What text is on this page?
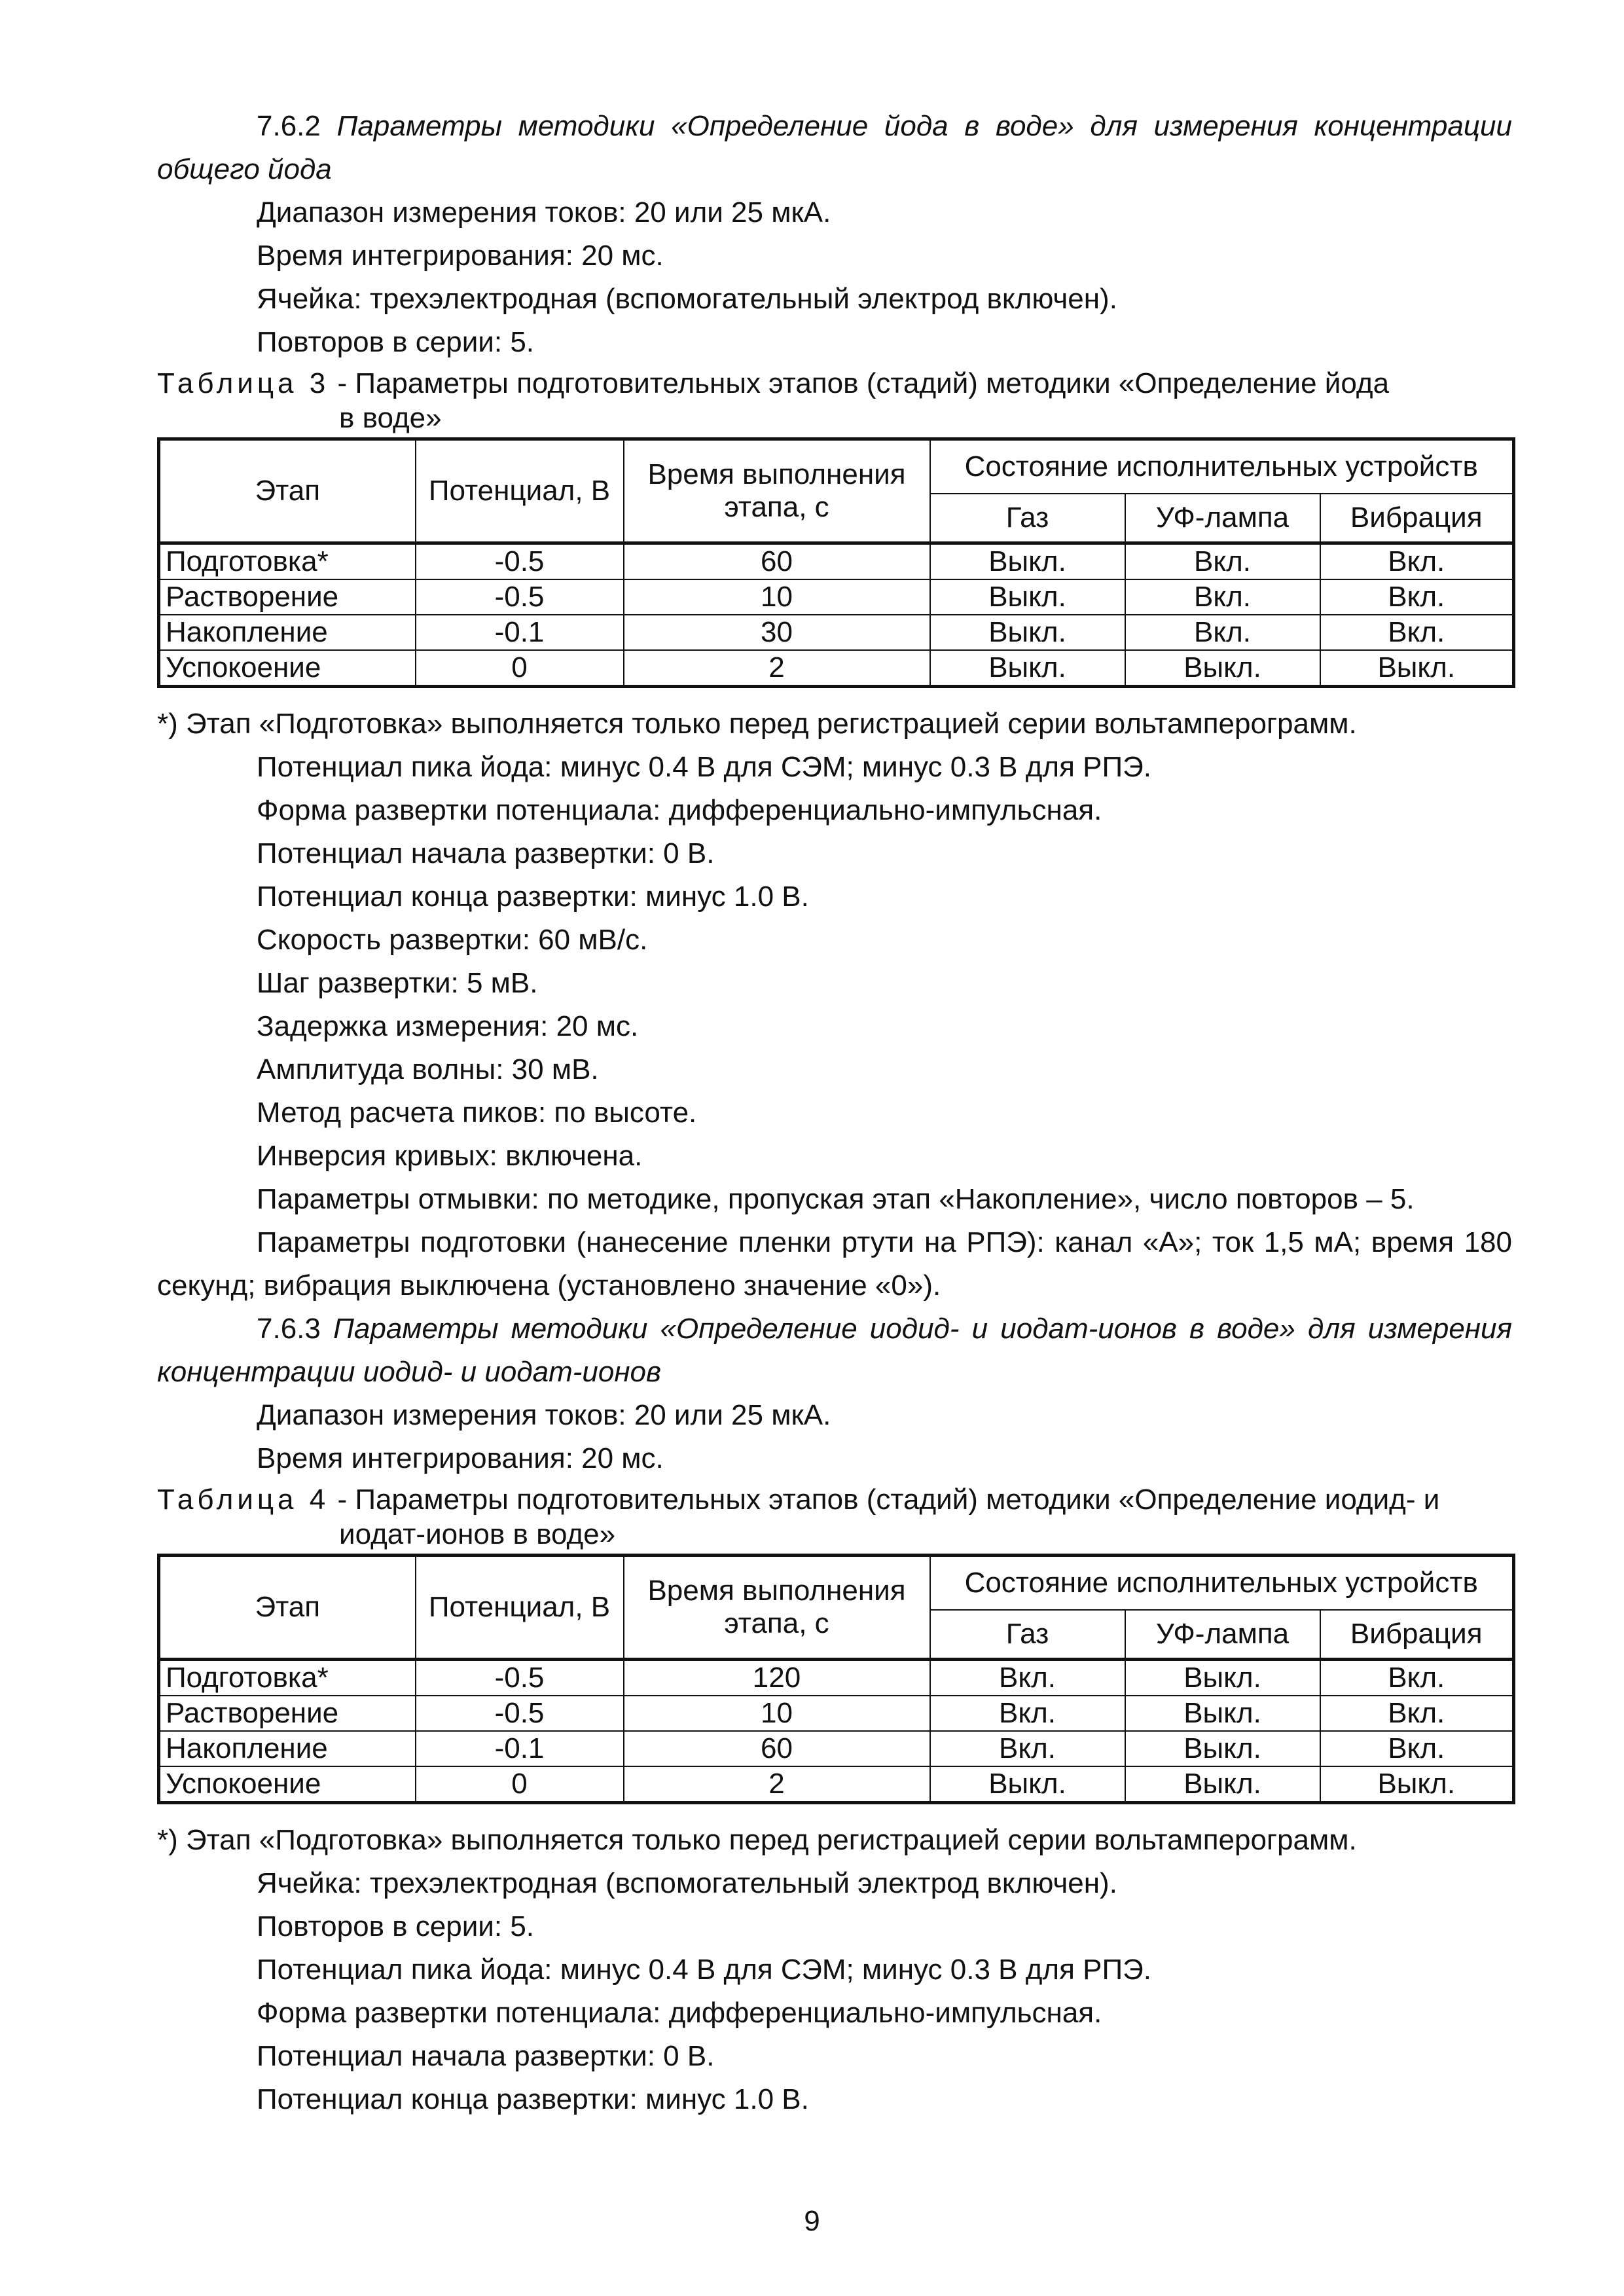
7.6.2 Параметры методики «Определение йода в воде» для измерения концентрации общего йода

Диапазон измерения токов: 20 или 25 мкА.

Время интегрирования: 20 мс.

Ячейка: трехэлектродная (вспомогательный электрод включен).

Повторов в серии: 5.

Таблица 3 - Параметры подготовительных этапов (стадий) методики «Определение йода

в воде»

Этап	Потенциал, В	Время выполнения этапа, с	Состояние исполнительных устройств		
			Газ	УФ-лампа	Вибрация
Подготовка*	-0.5	60	Выкл.	Вкл.	Вкл.
Растворение	-0.5	10	Выкл.	Вкл.	Вкл.
Накопление	-0.1	30	Выкл.	Вкл.	Вкл.
Успокоение	0	2	Выкл.	Выкл.	Выкл.

*) Этап «Подготовка» выполняется только перед регистрацией серии вольтамперограмм.

Потенциал пика йода: минус 0.4 В для СЭМ; минус 0.3 В для РПЭ.

Форма развертки потенциала: дифференциально-импульсная.

Потенциал начала развертки: 0 В.

Потенциал конца развертки: минус 1.0 В.

Скорость развертки: 60 мВ/с.

Шаг развертки: 5 мВ.

Задержка измерения: 20 мс.

Амплитуда волны: 30 мВ.

Метод расчета пиков: по высоте.

Инверсия кривых: включена.

Параметры отмывки: по методике, пропуская этап «Накопление», число повторов – 5.

Параметры подготовки (нанесение пленки ртути на РПЭ): канал «А»; ток 1,5 мА; время 180 секунд; вибрация выключена (установлено значение «0»).

7.6.3 Параметры методики «Определение иодид- и иодат-ионов в воде» для измерения концентрации иодид- и иодат-ионов

Диапазон измерения токов: 20 или 25 мкА.

Время интегрирования: 20 мс.

Таблица 4 - Параметры подготовительных этапов (стадий) методики «Определение иодид- и

иодат-ионов в воде»

Этап	Потенциал, В	Время выполнения этапа, с	Состояние исполнительных устройств		
			Газ	УФ-лампа	Вибрация
Подготовка*	-0.5	120	Вкл.	Выкл.	Вкл.
Растворение	-0.5	10	Вкл.	Выкл.	Вкл.
Накопление	-0.1	60	Вкл.	Выкл.	Вкл.
Успокоение	0	2	Выкл.	Выкл.	Выкл.

*) Этап «Подготовка» выполняется только перед регистрацией серии вольтамперограмм.

Ячейка: трехэлектродная (вспомогательный электрод включен).

Повторов в серии: 5.

Потенциал пика йода: минус 0.4 В для СЭМ; минус 0.3 В для РПЭ.

Форма развертки потенциала: дифференциально-импульсная.

Потенциал начала развертки: 0 В.

Потенциал конца развертки: минус 1.0 В.

9
